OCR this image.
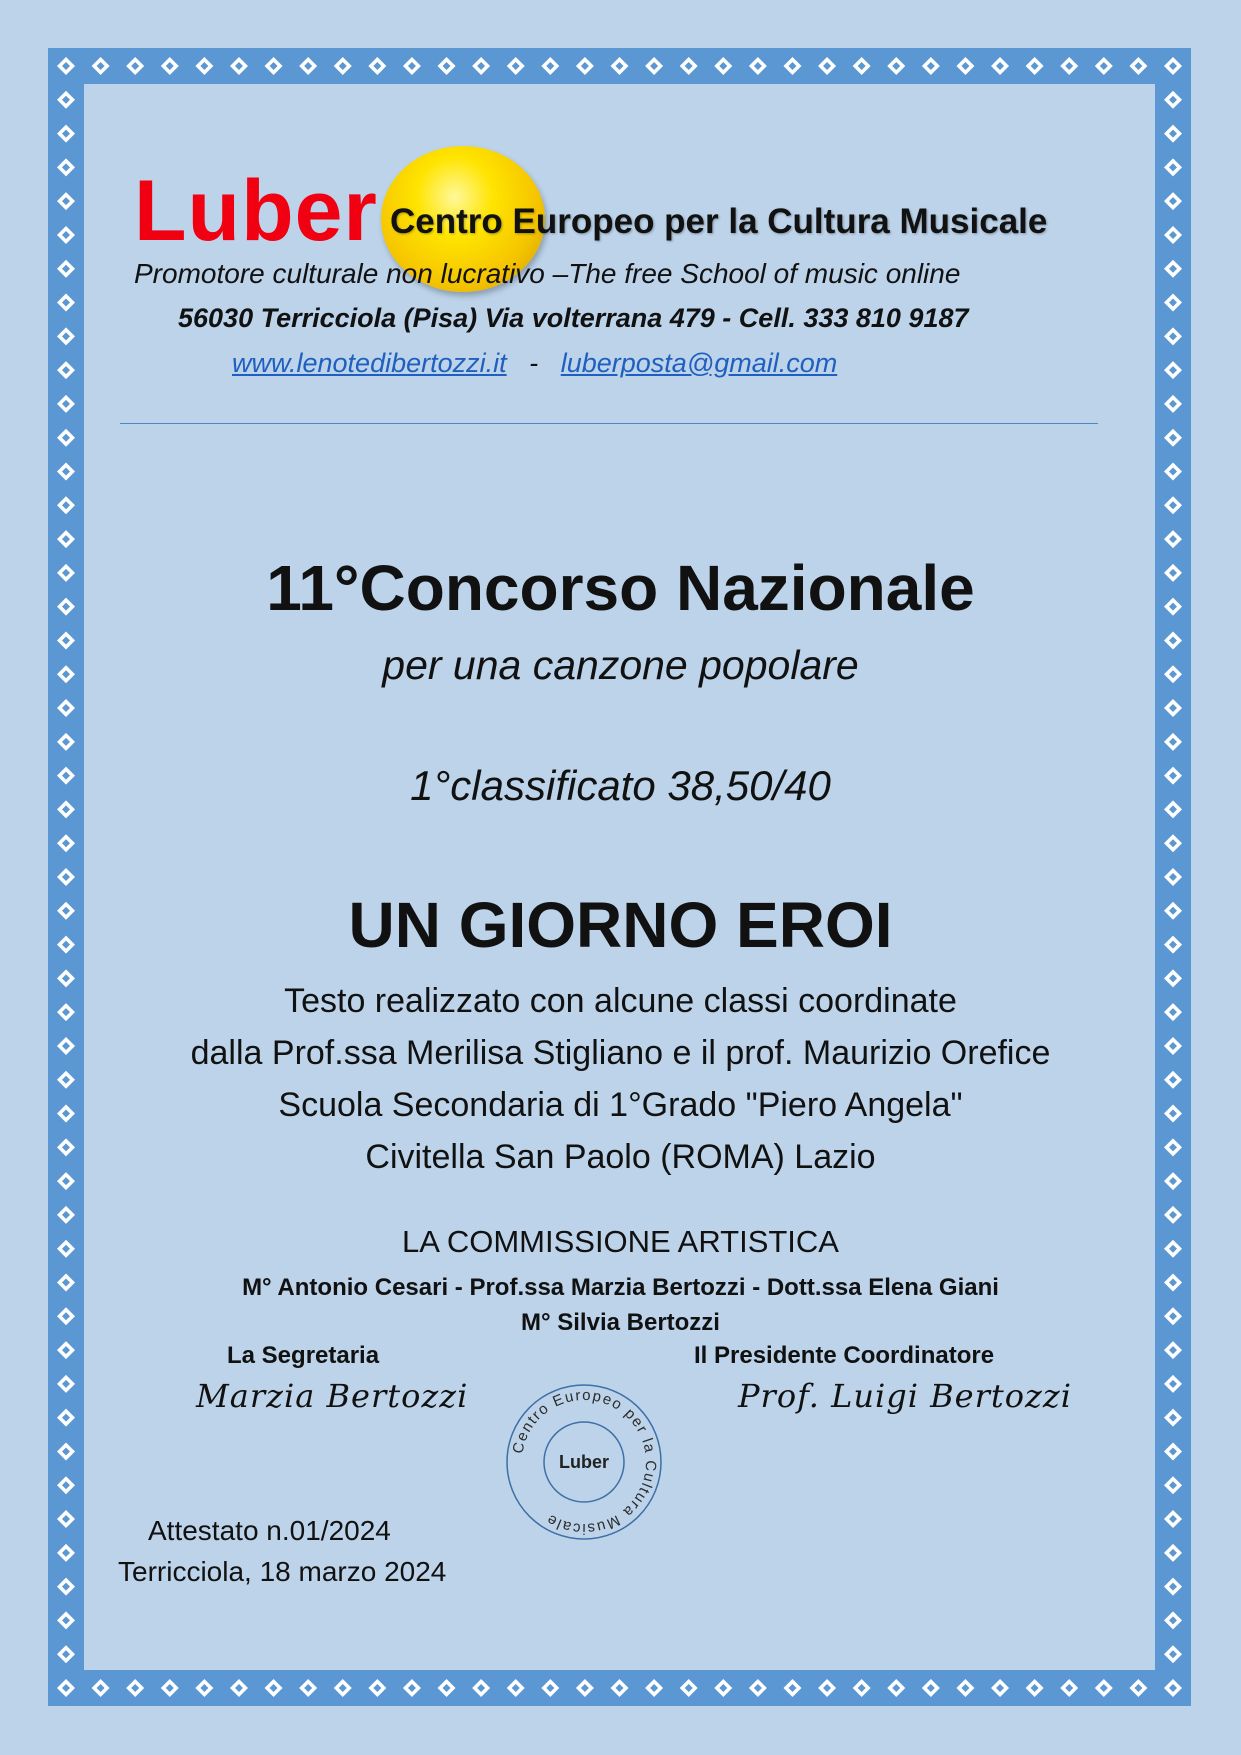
Luber Centro Europeo per la Cultura Musicale
Promotore culturale non lucrativo –The free School of music online
56030 Terricciola (Pisa) Via volterrana 479 - Cell. 333 810 9187
www.lenotedibertozzi.it - luberposta@gmail.com
11°Concorso Nazionale
per una canzone popolare
1°classificato 38,50/40
UN GIORNO EROI
Testo realizzato con alcune classi coordinate
dalla Prof.ssa Merilisa Stigliano e il prof. Maurizio Orefice
Scuola Secondaria di 1°Grado "Piero Angela"
Civitella San Paolo (ROMA) Lazio
LA COMMISSIONE ARTISTICA
M° Antonio Cesari - Prof.ssa Marzia Bertozzi - Dott.ssa Elena Giani
M° Silvia Bertozzi
La Segretaria
Marzia Bertozzi
Il Presidente Coordinatore
Prof. Luigi Bertozzi
Centro Europeo per la Cultura Musicale
Luber
Attestato n.01/2024
Terricciola, 18 marzo 2024
